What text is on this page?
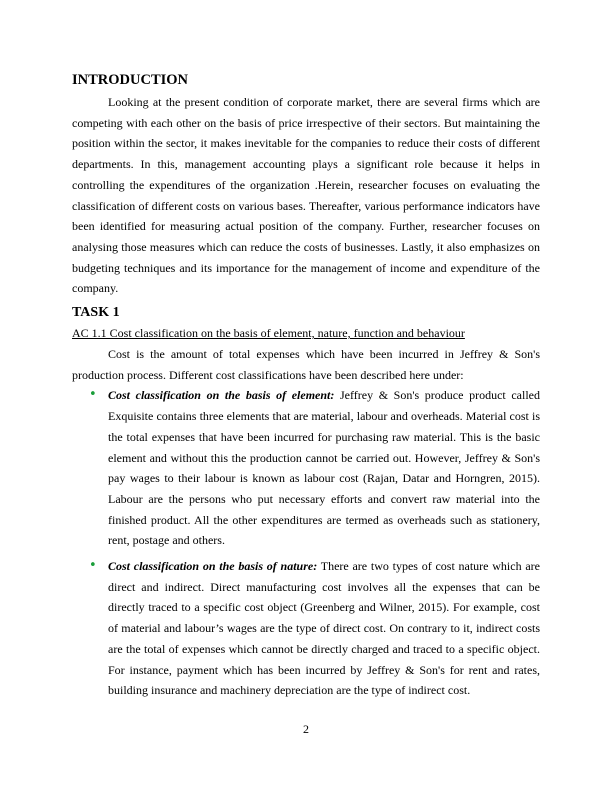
INTRODUCTION

Looking at the present condition of corporate market, there are several firms which are competing with each other on the basis of price irrespective of their sectors. But maintaining the position within the sector, it makes inevitable for the companies to reduce their costs of different departments. In this, management accounting plays a significant role because it helps in controlling the expenditures of the organization .Herein, researcher focuses on evaluating the classification of different costs on various bases. Thereafter, various performance indicators have been identified for measuring actual position of the company. Further, researcher focuses on analysing those measures which can reduce the costs of businesses. Lastly, it also emphasizes on budgeting techniques and its importance for the management of income and expenditure of the company.

TASK 1
AC 1.1 Cost classification on the basis of element, nature, function and behaviour

Cost is the amount of total expenses which have been incurred in Jeffrey & Son's production process. Different cost classifications have been described here under:

• Cost classification on the basis of element: Jeffrey & Son's produce product called Exquisite contains three elements that are material, labour and overheads. Material cost is the total expenses that have been incurred for purchasing raw material. This is the basic element and without this the production cannot be carried out. However, Jeffrey & Son's pay wages to their labour is known as labour cost (Rajan, Datar and Horngren, 2015). Labour are the persons who put necessary efforts and convert raw material into the finished product. All the other expenditures are termed as overheads such as stationery, rent, postage and others.
• Cost classification on the basis of nature: There are two types of cost nature which are direct and indirect. Direct manufacturing cost involves all the expenses that can be directly traced to a specific cost object (Greenberg and Wilner, 2015). For example, cost of material and labour’s wages are the type of direct cost. On contrary to it, indirect costs are the total of expenses which cannot be directly charged and traced to a specific object. For instance, payment which has been incurred by Jeffrey & Son's for rent and rates, building insurance and machinery depreciation are the type of indirect cost.
2
